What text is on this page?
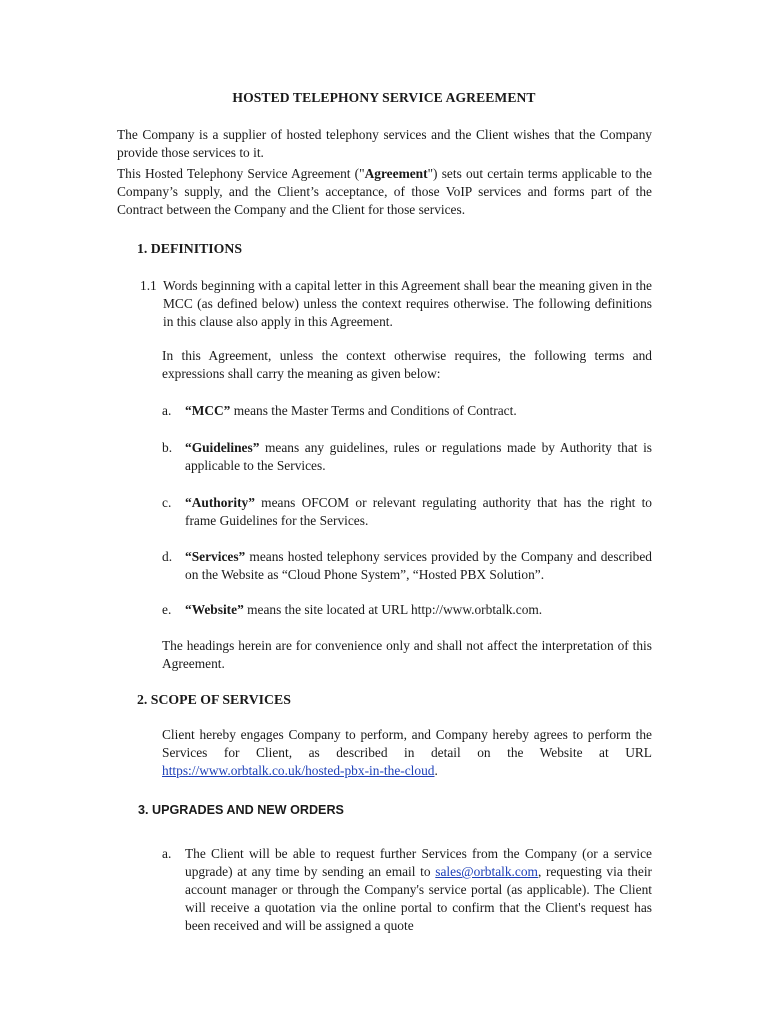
HOSTED TELEPHONY SERVICE AGREEMENT
The Company is a supplier of hosted telephony services and the Client wishes that the Company provide those services to it.
This Hosted Telephony Service Agreement ("Agreement") sets out certain terms applicable to the Company’s supply, and the Client’s acceptance, of those VoIP services and forms part of the Contract between the Company and the Client for those services.
1. DEFINITIONS
1.1 Words beginning with a capital letter in this Agreement shall bear the meaning given in the MCC (as defined below) unless the context requires otherwise. The following definitions in this clause also apply in this Agreement.
In this Agreement, unless the context otherwise requires, the following terms and expressions shall carry the meaning as given below:
a. “MCC” means the Master Terms and Conditions of Contract.
b. “Guidelines” means any guidelines, rules or regulations made by Authority that is applicable to the Services.
c. “Authority” means OFCOM or relevant regulating authority that has the right to frame Guidelines for the Services.
d. “Services” means hosted telephony services provided by the Company and described on the Website as “Cloud Phone System”, “Hosted PBX Solution”.
e. “Website” means the site located at URL http://www.orbtalk.com.
The headings herein are for convenience only and shall not affect the interpretation of this Agreement.
2. SCOPE OF SERVICES
Client hereby engages Company to perform, and Company hereby agrees to perform the Services for Client, as described in detail on the Website at URL https://www.orbtalk.co.uk/hosted-pbx-in-the-cloud.
3. UPGRADES AND NEW ORDERS
a. The Client will be able to request further Services from the Company (or a service upgrade) at any time by sending an email to sales@orbtalk.com, requesting via their account manager or through the Company's service portal (as applicable). The Client will receive a quotation via the online portal to confirm that the Client's request has been received and will be assigned a quote
